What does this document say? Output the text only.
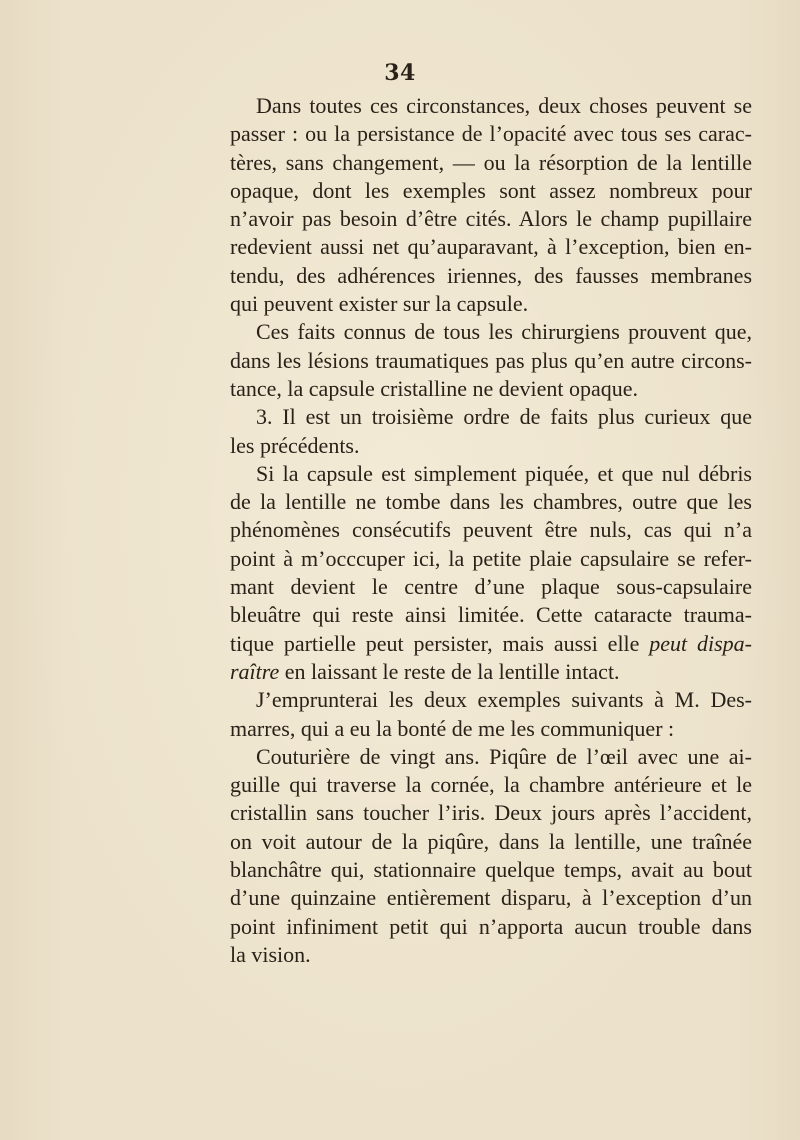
34
Dans toutes ces circonstances, deux choses peuvent se
passer : ou la persistance de l’opacité avec tous ses carac-
tères, sans changement, — ou la résorption de la lentille
opaque, dont les exemples sont assez nombreux pour
n’avoir pas besoin d’être cités. Alors le champ pupillaire
redevient aussi net qu’auparavant, à l’exception, bien en-
tendu, des adhérences iriennes, des fausses membranes
qui peuvent exister sur la capsule.
Ces faits connus de tous les chirurgiens prouvent que,
dans les lésions traumatiques pas plus qu’en autre circons-
tance, la capsule cristalline ne devient opaque.
3. Il est un troisième ordre de faits plus curieux que
les précédents.
Si la capsule est simplement piquée, et que nul débris
de la lentille ne tombe dans les chambres, outre que les
phénomènes consécutifs peuvent être nuls, cas qui n’a
point à m’occcuper ici, la petite plaie capsulaire se refer-
mant devient le centre d’une plaque sous-capsulaire
bleuâtre qui reste ainsi limitée. Cette cataracte trauma-
tique partielle peut persister, mais aussi elle peut dispa-
raître en laissant le reste de la lentille intact.
J’emprunterai les deux exemples suivants à M. Des-
marres, qui a eu la bonté de me les communiquer :
Couturière de vingt ans. Piqûre de l’œil avec une ai-
guille qui traverse la cornée, la chambre antérieure et le
cristallin sans toucher l’iris. Deux jours après l’accident,
on voit autour de la piqûre, dans la lentille, une traînée
blanchâtre qui, stationnaire quelque temps, avait au bout
d’une quinzaine entièrement disparu, à l’exception d’un
point infiniment petit qui n’apporta aucun trouble dans
la vision.
